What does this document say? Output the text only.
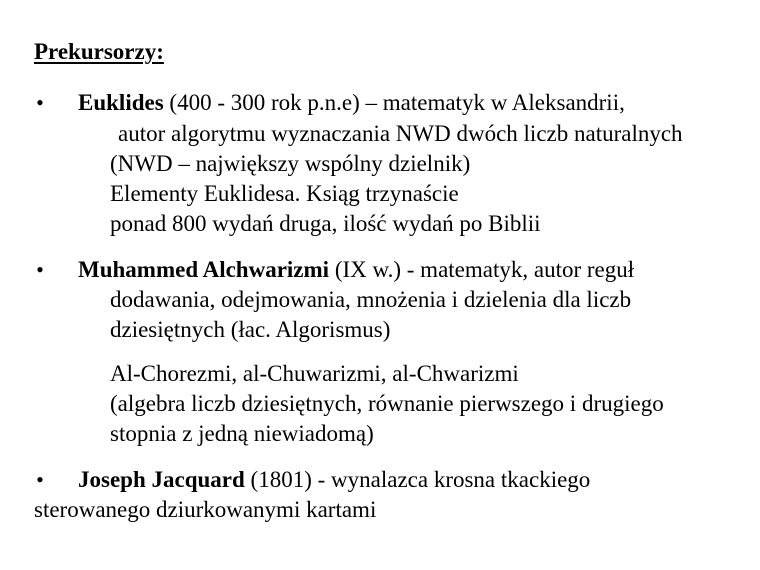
Prekursorzy:
• Euklides (400 - 300 rok p.n.e) – matematyk w Aleksandrii,
autor algorytmu wyznaczania NWD dwóch liczb naturalnych
(NWD – największy wspólny dzielnik)
Elementy Euklidesa. Ksiąg trzynaście
ponad 800 wydań druga, ilość wydań po Biblii
• Muhammed Alchwarizmi (IX w.) - matematyk, autor reguł
dodawania, odejmowania, mnożenia i dzielenia dla liczb
dziesiętnych (łac. Algorismus)
Al-Chorezmi, al-Chuwarizmi, al-Chwarizmi
(algebra liczb dziesiętnych, równanie pierwszego i drugiego
stopnia z jedną niewiadomą)
• Joseph Jacquard (1801) - wynalazca krosna tkackiego
sterowanego dziurkowanymi kartami
